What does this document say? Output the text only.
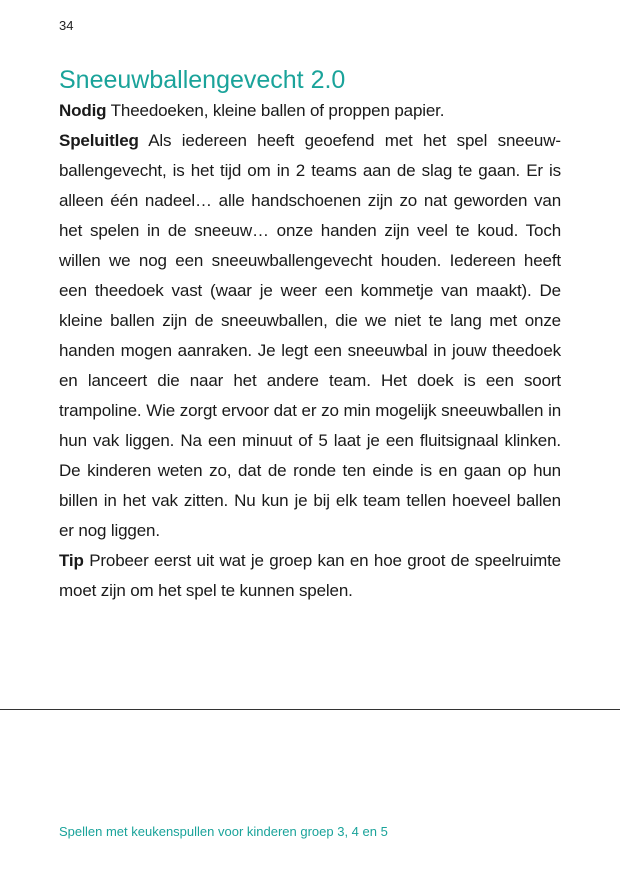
34
Sneeuwballengevecht 2.0

Nodig Theedoeken, kleine ballen of proppen papier.

Speluitleg Als iedereen heeft geoefend met het spel sneeuwballengevecht, is het tijd om in 2 teams aan de slag te gaan. Er is alleen één nadeel… alle handschoenen zijn zo nat geworden van het spelen in de sneeuw… onze handen zijn veel te koud. Toch willen we nog een sneeuwballengevecht houden. Iedereen heeft een theedoek vast (waar je weer een kommetje van maakt). De kleine ballen zijn de sneeuwballen, die we niet te lang met onze handen mogen aanraken. Je legt een sneeuwbal in jouw theedoek en lanceert die naar het andere team. Het doek is een soort trampoline. Wie zorgt ervoor dat er zo min mogelijk sneeuwballen in hun vak liggen. Na een minuut of 5 laat je een fluitsignaal klinken. De kinderen weten zo, dat de ronde ten einde is en gaan op hun billen in het vak zitten. Nu kun je bij elk team tellen hoeveel ballen er nog liggen.

Tip Probeer eerst uit wat je groep kan en hoe groot de speelruimte moet zijn om het spel te kunnen spelen.

Spellen met keukenspullen voor kinderen groep 3, 4 en 5
